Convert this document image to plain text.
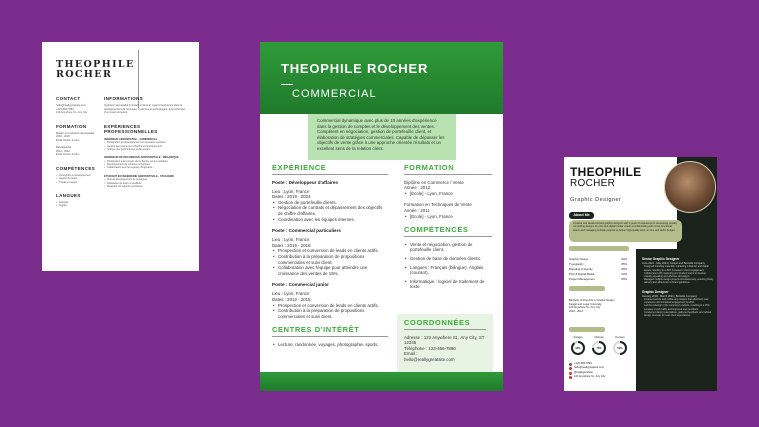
THEOPHILE
ROCHER
CONTACT
hello@reallygreatsite.com
+123-456-7890
123 Anywhere St., Any City
FORMATION
Master en ingénierie aérospatiale
2018 - 2020
École Ancien & Aéro

Baccalauréat
2016 - 2018
École Ancien & Aéro
COMPÉTENCES
• Conception et développement
• Gestion de projet
• Travail en équipe
LANGUES
• Français
• Anglais
INFORMATIONS
Ingénieur aérospatial innovant et dévoué, ayant l'expérience dans le développement de nouveaux systèmes et technologies, à la recherche d'un poste stimulant.
EXPÉRIENCES
PROFESSIONNELLES
INGÉNIEUR AÉROSPATIAL - COMMERCIAL
• Participation au développement de nouveaux systèmes
• Gestion des projets de recherche et développement
• Analyse des performances et des essais
INGÉNIEUR DE RECHERCHE AÉROSPATIALE - MÉCANIQUE
• Participation à des projets de recherche sur les matériaux
• Développement de modèles numériques
• Collaboration avec les équipes d'ingénierie
ÉTUDIANT EN INGÉNIERIE AÉROSPATIALE - STAGIAIRE
• Aide au développement de prototypes
• Réalisation de tests en soufflerie
• Rédaction de rapports techniques
THEOPHILE ROCHER
COMMERCIAL
Commercial dynamique avec plus de 10 années d'expérience dans la gestion de comptes et le développement des ventes. Compétent en négociation, gestion de portefeuille client, et élaboration de stratégies commerciales. Capable de dépasser les objectifs de vente grâce à une approche orientée résultats et un excellent sens de la relation client.
EXPÉRIENCE
Poste : Développeur d'affaires
Lieu : Lyon, France
Dates : 2019 - 2024
• Gestion de portefeuille clients.
• Négociation de contrats et dépassement des objectifs de chiffre d'affaires.
• Coordination avec les équipes internes.
Poste : Commercial particuliers
Lieu : Lyon, France
Dates : 2015 - 2018
• Prospection et conversion de leads en clients actifs.
• Contribution à la préparation de propositions commerciales et suivi client.
• Collaboration avec l'équipe pour atteindre une croissance des ventes de 15%.
Poste : Commercial junior
Lieu : Lyon, France
Dates : 2012 - 2015
• Prospection et conversion de leads en clients actifs.
• Contribution à la préparation de propositions commerciales et suivi client.
CENTRES D'INTÉRÊT
• Lecture, randonnée, voyages, photographie, sports.
FORMATION
Diplôme en Commerce / Vente
Année : 2012
• [École] - Lyon, France
Formation en Techniques de Vente
Année : 2011
• [École] - Lyon, France
COMPÉTENCES
• Vente et négociation, gestion de portefeuille client.
• Gestion de base de données clients.
• Langues : Français (bilingue), Anglais (courant).
• Informatique : logiciel de traitement de texte.
COORDONNÉES
Adresse : 123 Anywhere St., Any City, ST 12345
Téléphone : 123-456-7890
Email :
hello@reallygreatsite.com
THEOPHILE
ROCHER
Graphic Designer
About Me
Creative and detail-oriented graphic designer with 4 years of experience in developing visually compelling designs for print and digital media. Adept at collaborating with cross-functional teams and managing multiple projects to deliver high-quality work on time and within budget.
Graphic Design	90%
Typography	85%
Branding & Identity	80%
Print & Digital Media	90%
Project Management	80%
Bachelor of Fine Arts in Graphic Design
Fauget and Lugar University
123 Anywhere St., Any City
2010 - 2014
Fauget
90%
Chinois
75%
Korean
50%
+123-456-7890
hello@reallygreatsite.com
@reallygreatsite
123 Anywhere St., Any City
Senior Graphic Designer
June 2021 - May 2024 | Fauget and Borcelle Company
Designed branding materials, marketing collateral, and digital assets, resulting in a 30% increase in client engagement.
Collaborated with marketing and product teams to develop visually appealing and effective campaigns.
Managed multiple design projects simultaneously, ensuring timely delivery and adherence to brand guidelines.
Graphic Designer
January 2018 - March 2021 | Borcelle Company
Created website and mobile app designs that effectively user experience and increased engagement by 20%.
Led the redesign of the company's website, resulting in a 15% increase in web traffic and improved user feedback.
Conducted client presentations, gathered feedback, and refined design concepts to meet client expectations.
